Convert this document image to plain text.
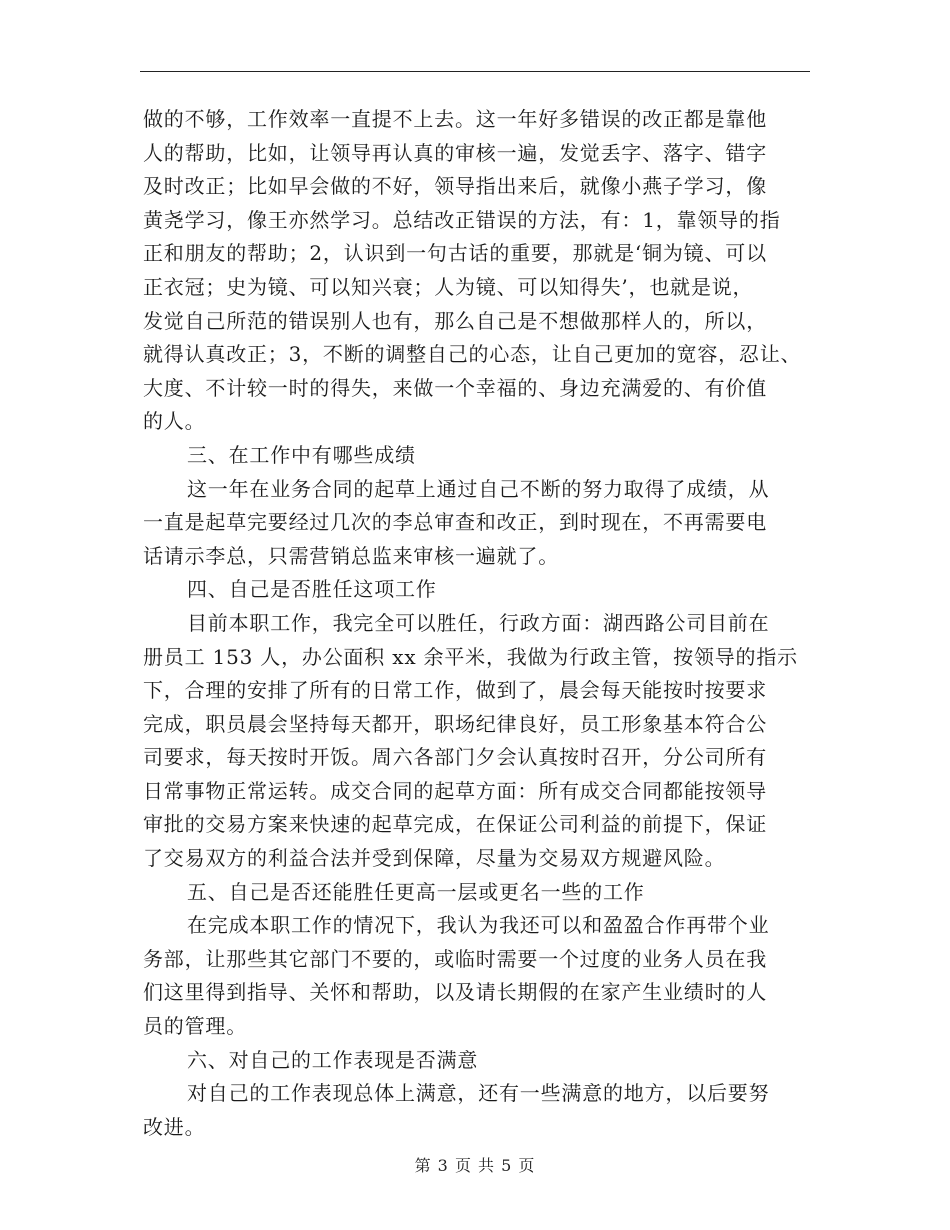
做的不够，工作效率一直提不上去。这一年好多错误的改正都是靠他
人的帮助，比如，让领导再认真的审核一遍，发觉丢字、落字、错字
及时改正；比如早会做的不好，领导指出来后，就像小燕子学习，像
黄尧学习，像王亦然学习。总结改正错误的方法，有：1，靠领导的指
正和朋友的帮助；2，认识到一句古话的重要，那就是‘铜为镜、可以
正衣冠；史为镜、可以知兴衰；人为镜、可以知得失’，也就是说，
发觉自己所范的错误别人也有，那么自己是不想做那样人的，所以，
就得认真改正；3，不断的调整自己的心态，让自己更加的宽容，忍让、
大度、不计较一时的得失，来做一个幸福的、身边充满爱的、有价值
的人。
三、在工作中有哪些成绩
这一年在业务合同的起草上通过自己不断的努力取得了成绩，从
一直是起草完要经过几次的李总审查和改正，到时现在，不再需要电
话请示李总，只需营销总监来审核一遍就了。
四、自己是否胜任这项工作
目前本职工作，我完全可以胜任，行政方面：湖西路公司目前在
册员工 153 人，办公面积 xx 余平米，我做为行政主管，按领导的指示
下，合理的安排了所有的日常工作，做到了，晨会每天能按时按要求
完成，职员晨会坚持每天都开，职场纪律良好，员工形象基本符合公
司要求，每天按时开饭。周六各部门夕会认真按时召开，分公司所有
日常事物正常运转。成交合同的起草方面：所有成交合同都能按领导
审批的交易方案来快速的起草完成，在保证公司利益的前提下，保证
了交易双方的利益合法并受到保障，尽量为交易双方规避风险。
五、自己是否还能胜任更高一层或更名一些的工作
在完成本职工作的情况下，我认为我还可以和盈盈合作再带个业
务部，让那些其它部门不要的，或临时需要一个过度的业务人员在我
们这里得到指导、关怀和帮助，以及请长期假的在家产生业绩时的人
员的管理。
六、对自己的工作表现是否满意
对自己的工作表现总体上满意，还有一些满意的地方，以后要努
改进。
第 3 页 共 5 页
